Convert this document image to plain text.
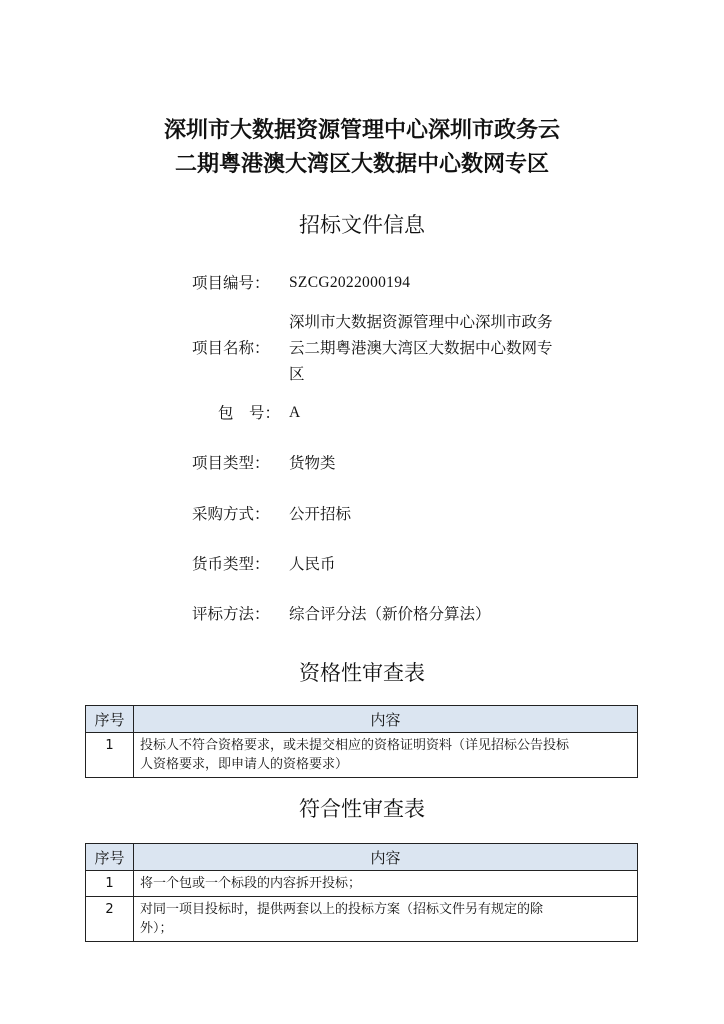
深圳市大数据资源管理中心深圳市政务云
二期粤港澳大湾区大数据中心数网专区
招标文件信息
项目编号：	SZCG2022000194
项目名称：
深圳市大数据资源管理中心深圳市政务
云二期粤港澳大湾区大数据中心数网专
区
包　号： A
项目类型：	货物类
采购方式：	公开招标
货币类型：	人民币
评标方法：	综合评分法（新价格分算法）
资格性审查表
序号	内容
1	投标人不符合资格要求，或未提交相应的资格证明资料（详见招标公告投标
人资格要求，即申请人的资格要求）
符合性审查表
序号	内容
1	将一个包或一个标段的内容拆开投标；

2	对同一项目投标时，提供两套以上的投标方案（招标文件另有规定的除
外）；
